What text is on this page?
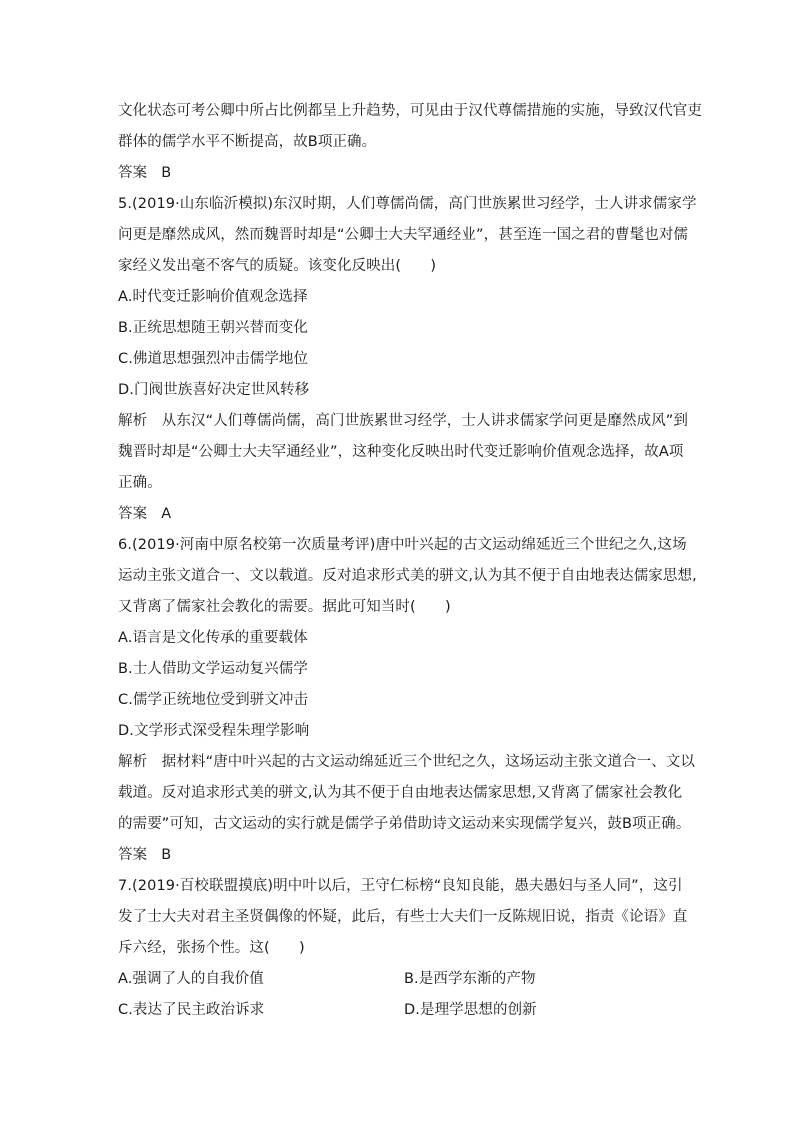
文化状态可考公卿中所占比例都呈上升趋势，可见由于汉代尊儒措施的实施，导致汉代官吏
群体的儒学水平不断提高，故B项正确。
答案 B
5.(2019·山东临沂模拟)东汉时期，人们尊儒尚儒，高门世族累世习经学，士人讲求儒家学
问更是靡然成风，然而魏晋时却是“公卿士大夫罕通经业”，甚至连一国之君的曹髦也对儒
家经义发出毫不客气的质疑。该变化反映出(　　)
A.时代变迁影响价值观念选择
B.正统思想随王朝兴替而变化
C.佛道思想强烈冲击儒学地位
D.门阀世族喜好决定世风转移
解析　从东汉“人们尊儒尚儒，高门世族累世习经学，士人讲求儒家学问更是靡然成风”到
魏晋时却是“公卿士大夫罕通经业”，这种变化反映出时代变迁影响价值观念选择，故A项
正确。
答案 A
6.(2019·河南中原名校第一次质量考评)唐中叶兴起的古文运动绵延近三个世纪之久,这场
运动主张文道合一、文以载道。反对追求形式美的骈文,认为其不便于自由地表达儒家思想,
又背离了儒家社会教化的需要。据此可知当时(　　)
A.语言是文化传承的重要载体
B.士人借助文学运动复兴儒学
C.儒学正统地位受到骈文冲击
D.文学形式深受程朱理学影响
解析　据材料“唐中叶兴起的古文运动绵延近三个世纪之久，这场运动主张文道合一、文以
载道。反对追求形式美的骈文,认为其不便于自由地表达儒家思想,又背离了儒家社会教化
的需要”可知，古文运动的实行就是儒学子弟借助诗文运动来实现儒学复兴，鼓B项正确。
答案 B
7.(2019·百校联盟摸底)明中叶以后，王守仁标榜“良知良能，愚夫愚妇与圣人同”，这引
发了士大夫对君主圣贤偶像的怀疑，此后，有些士大夫们一反陈规旧说，指责《论语》直
斥六经，张扬个性。这(　　)
A.强调了人的自我价值	B.是西学东渐的产物
C.表达了民主政治诉求	D.是理学思想的创新
